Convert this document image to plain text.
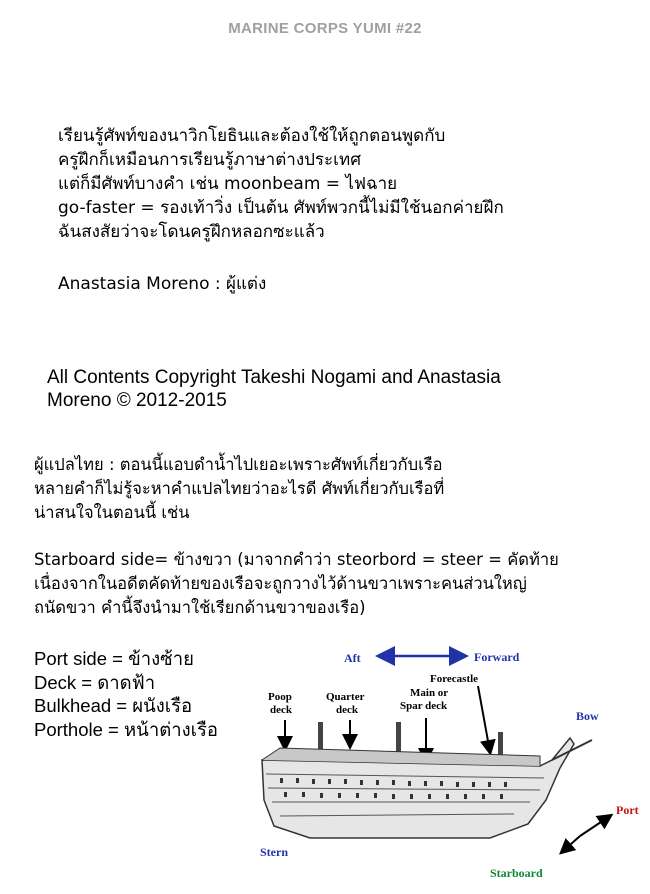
MARINE CORPS YUMI #22
เรียนรู้ศัพท์ของนาวิกโยธินและต้องใช้ให้ถูกตอนพูดกับ
ครูฝึกก็เหมือนการเรียนรู้ภาษาต่างประเทศ
แต่ก็มีศัพท์บางคำ เช่น moonbeam = ไฟฉาย
go-faster = รองเท้าวิ่ง เป็นต้น ศัพท์พวกนี้ไม่มีใช้นอกค่ายฝึก
ฉันสงสัยว่าจะโดนครูฝึกหลอกซะแล้ว
Anastasia Moreno : ผู้แต่ง
All Contents Copyright Takeshi Nogami and Anastasia
Moreno © 2012-2015
ผู้แปลไทย : ตอนนี้แอบดำน้ำไปเยอะเพราะศัพท์เกี่ยวกับเรือ
หลายคำก็ไม่รู้จะหาคำแปลไทยว่าอะไรดี ศัพท์เกี่ยวกับเรือที่
น่าสนใจในตอนนี้ เช่น
Starboard side= ข้างขวา (มาจากคำว่า steorbord = steer = คัดท้าย
เนื่องจากในอดีตคัดท้ายของเรือจะถูกวางไว้ด้านขวาเพราะคนส่วนใหญ่
ถนัดขวา คำนี้จึงนำมาใช้เรียกด้านขวาของเรือ)
Port side = ข้างซ้าย
Deck = ดาดฟ้า
Bulkhead = ผนังเรือ
Porthole = หน้าต่างเรือ
Aft	Forward
Forecastle
Poop deck
Quarter deck
Main or Spar deck
Bow
Port
Stern
Starboard
